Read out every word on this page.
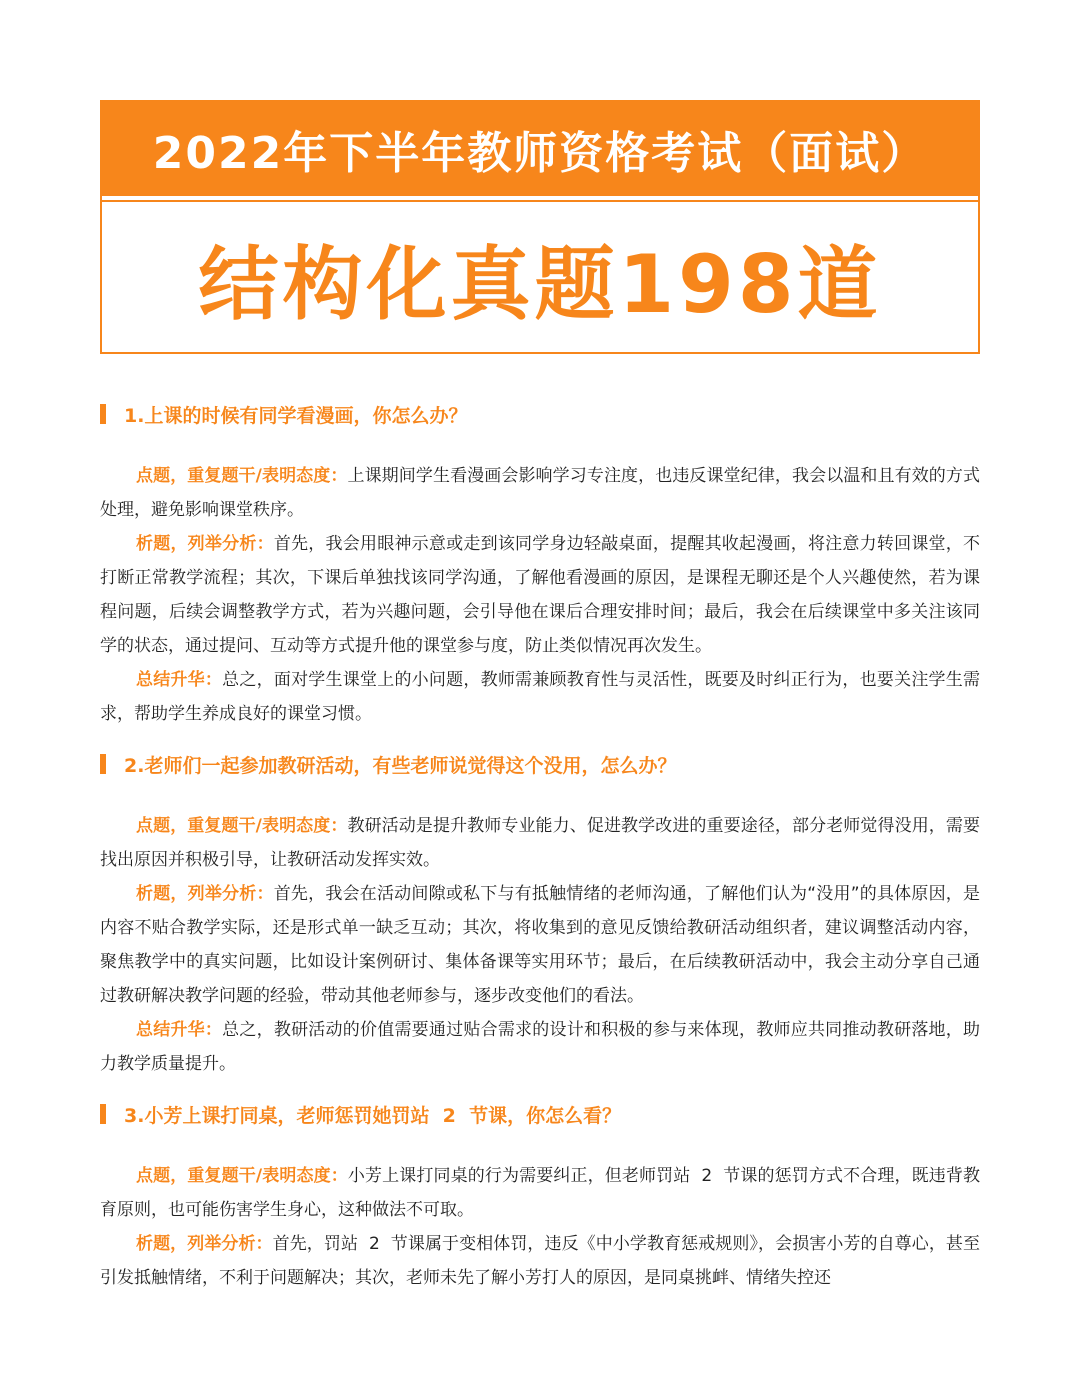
2022年下半年教师资格考试（面试）
结构化真题198道
1.上课的时候有同学看漫画，你怎么办？

点题，重复题干/表明态度：上课期间学生看漫画会影响学习专注度，也违反课堂纪律，我会以温和且有效的方式处理，避免影响课堂秩序。

析题，列举分析：首先，我会用眼神示意或走到该同学身边轻敲桌面，提醒其收起漫画，将注意力转回课堂，不打断正常教学流程；其次，下课后单独找该同学沟通，了解他看漫画的原因，是课程无聊还是个人兴趣使然，若为课程问题，后续会调整教学方式，若为兴趣问题，会引导他在课后合理安排时间；最后，我会在后续课堂中多关注该同学的状态，通过提问、互动等方式提升他的课堂参与度，防止类似情况再次发生。

总结升华：总之，面对学生课堂上的小问题，教师需兼顾教育性与灵活性，既要及时纠正行为，也要关注学生需求，帮助学生养成良好的课堂习惯。

2.老师们一起参加教研活动，有些老师说觉得这个没用，怎么办？

点题，重复题干/表明态度：教研活动是提升教师专业能力、促进教学改进的重要途径，部分老师觉得没用，需要找出原因并积极引导，让教研活动发挥实效。

析题，列举分析：首先，我会在活动间隙或私下与有抵触情绪的老师沟通，了解他们认为“没用”的具体原因，是内容不贴合教学实际，还是形式单一缺乏互动；其次，将收集到的意见反馈给教研活动组织者，建议调整活动内容，聚焦教学中的真实问题，比如设计案例研讨、集体备课等实用环节；最后，在后续教研活动中，我会主动分享自己通过教研解决教学问题的经验，带动其他老师参与，逐步改变他们的看法。

总结升华：总之，教研活动的价值需要通过贴合需求的设计和积极的参与来体现，教师应共同推动教研落地，助力教学质量提升。

3.小芳上课打同桌，老师惩罚她罚站  2  节课，你怎么看？

点题，重复题干/表明态度：小芳上课打同桌的行为需要纠正，但老师罚站  2  节课的惩罚方式不合理，既违背教育原则，也可能伤害学生身心，这种做法不可取。

析题，列举分析：首先，罚站  2  节课属于变相体罚，违反《中小学教育惩戒规则》，会损害小芳的自尊心，甚至引发抵触情绪，不利于问题解决；其次，老师未先了解小芳打人的原因，是同桌挑衅、情绪失控还
